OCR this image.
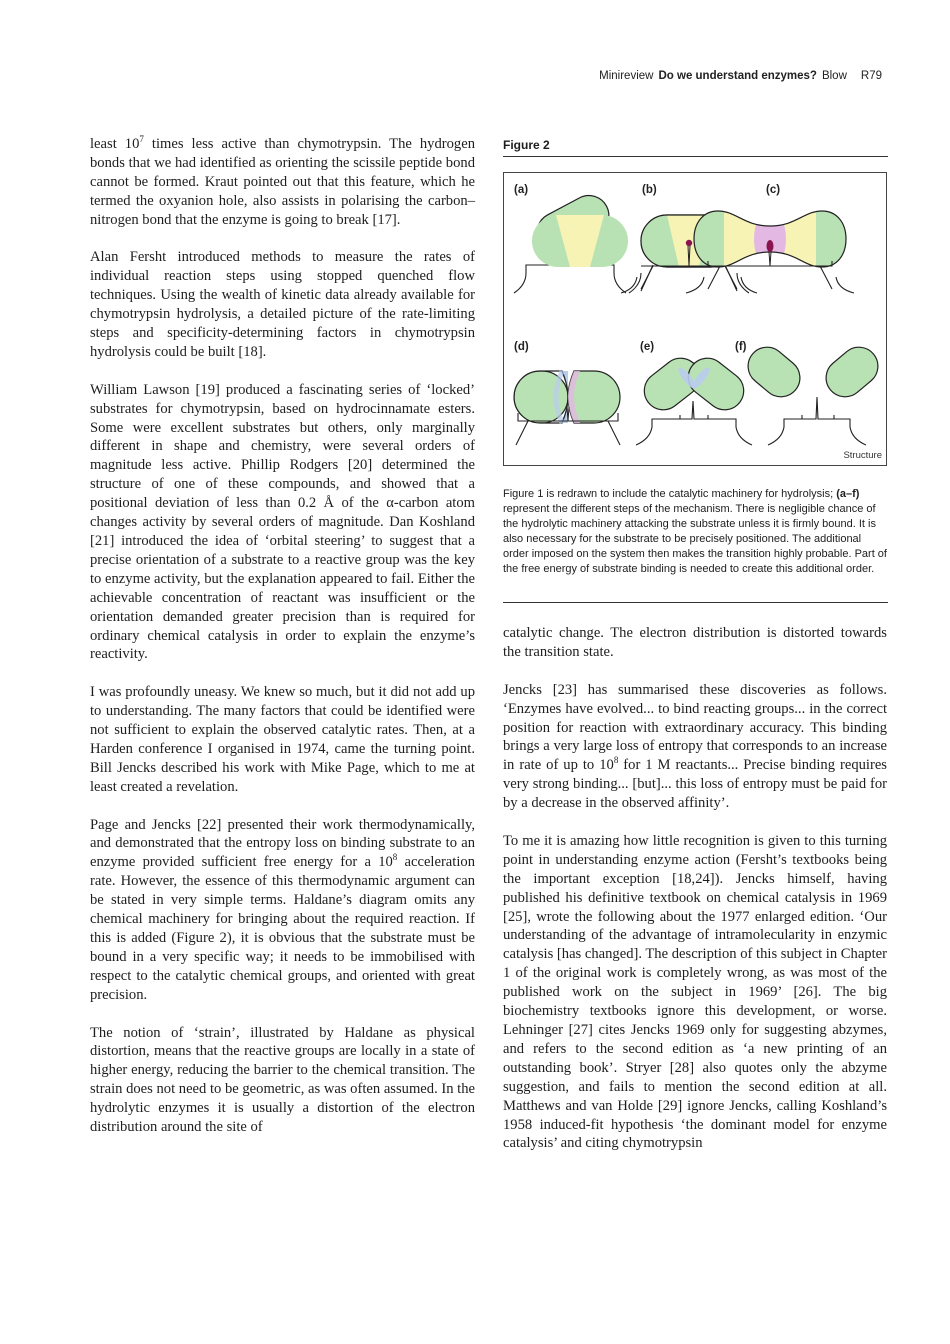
Minireview Do we understand enzymes? Blow R79

least $10^7$ times less active than chymotrypsin. The hydrogen bonds that we had identified as orienting the scissile peptide bond cannot be formed. Kraut pointed out that this feature, which he termed the oxyanion hole, also assists in polarising the carbon–nitrogen bond that the enzyme is going to break [17].

Alan Fersht introduced methods to measure the rates of individual reaction steps using stopped quenched flow techniques. Using the wealth of kinetic data already available for chymotrypsin hydrolysis, a detailed picture of the rate-limiting steps and specificity-determining factors in chymotrypsin hydrolysis could be built [18].

William Lawson [19] produced a fascinating series of ‘locked’ substrates for chymotrypsin, based on hydrocinnamate esters. Some were excellent substrates but others, only marginally different in shape and chemistry, were several orders of magnitude less active. Phillip Rodgers [20] determined the structure of one of these compounds, and showed that a positional deviation of less than 0.2 Å of the α-carbon atom changes activity by several orders of magnitude. Dan Koshland [21] introduced the idea of ‘orbital steering’ to suggest that a precise orientation of a substrate to a reactive group was the key to enzyme activity, but the explanation appeared to fail. Either the achievable concentration of reactant was insufficient or the orientation demanded greater precision than is required for ordinary chemical catalysis in order to explain the enzyme’s reactivity.

I was profoundly uneasy. We knew so much, but it did not add up to understanding. The many factors that could be identified were not sufficient to explain the observed catalytic rates. Then, at a Harden conference I organised in 1974, came the turning point. Bill Jencks described his work with Mike Page, which to me at least created a revelation.

Page and Jencks [22] presented their work thermodynamically, and demonstrated that the entropy loss on binding substrate to an enzyme provided sufficient free energy for a $10^8$ acceleration rate. However, the essence of this thermodynamic argument can be stated in very simple terms. Haldane’s diagram omits any chemical machinery for bringing about the required reaction. If this is added (Figure 2), it is obvious that the substrate must be bound in a very specific way; it needs to be immobilised with respect to the catalytic chemical groups, and oriented with great precision.

The notion of ‘strain’, illustrated by Haldane as physical distortion, means that the reactive groups are locally in a state of higher energy, reducing the barrier to the chemical transition. The strain does not need to be geometric, as was often assumed. In the hydrolytic enzymes it is usually a distortion of the electron distribution around the site of

Figure 2
(a)	(b)	(c)
(d)	(e)	(f)
Structure
Figure 1 is redrawn to include the catalytic machinery for hydrolysis; (a–f) represent the different steps of the mechanism. There is negligible chance of the hydrolytic machinery attacking the substrate unless it is firmly bound. It is also necessary for the substrate to be precisely positioned. The additional order imposed on the system then makes the transition highly probable. Part of the free energy of substrate binding is needed to create this additional order.

catalytic change. The electron distribution is distorted towards the transition state.

Jencks [23] has summarised these discoveries as follows. ‘Enzymes have evolved... to bind reacting groups... in the correct position for reaction with extraordinary accuracy. This binding brings a very large loss of entropy that corresponds to an increase in rate of up to $10^8$ for 1 M reactants... Precise binding requires very strong binding... [but]... this loss of entropy must be paid for by a decrease in the observed affinity’.

To me it is amazing how little recognition is given to this turning point in understanding enzyme action (Fersht’s textbooks being the important exception [18,24]). Jencks himself, having published his definitive textbook on chemical catalysis in 1969 [25], wrote the following about the 1977 enlarged edition. ‘Our understanding of the advantage of intramolecularity in enzymic catalysis [has changed]. The description of this subject in Chapter 1 of the original work is completely wrong, as was most of the published work on the subject in 1969’ [26]. The big biochemistry textbooks ignore this development, or worse. Lehninger [27] cites Jencks 1969 only for suggesting abzymes, and refers to the second edition as ‘a new printing of an outstanding book’. Stryer [28] also quotes only the abzyme suggestion, and fails to mention the second edition at all. Matthews and van Holde [29] ignore Jencks, calling Koshland’s 1958 induced-fit hypothesis ‘the dominant model for enzyme catalysis’ and citing chymotrypsin
